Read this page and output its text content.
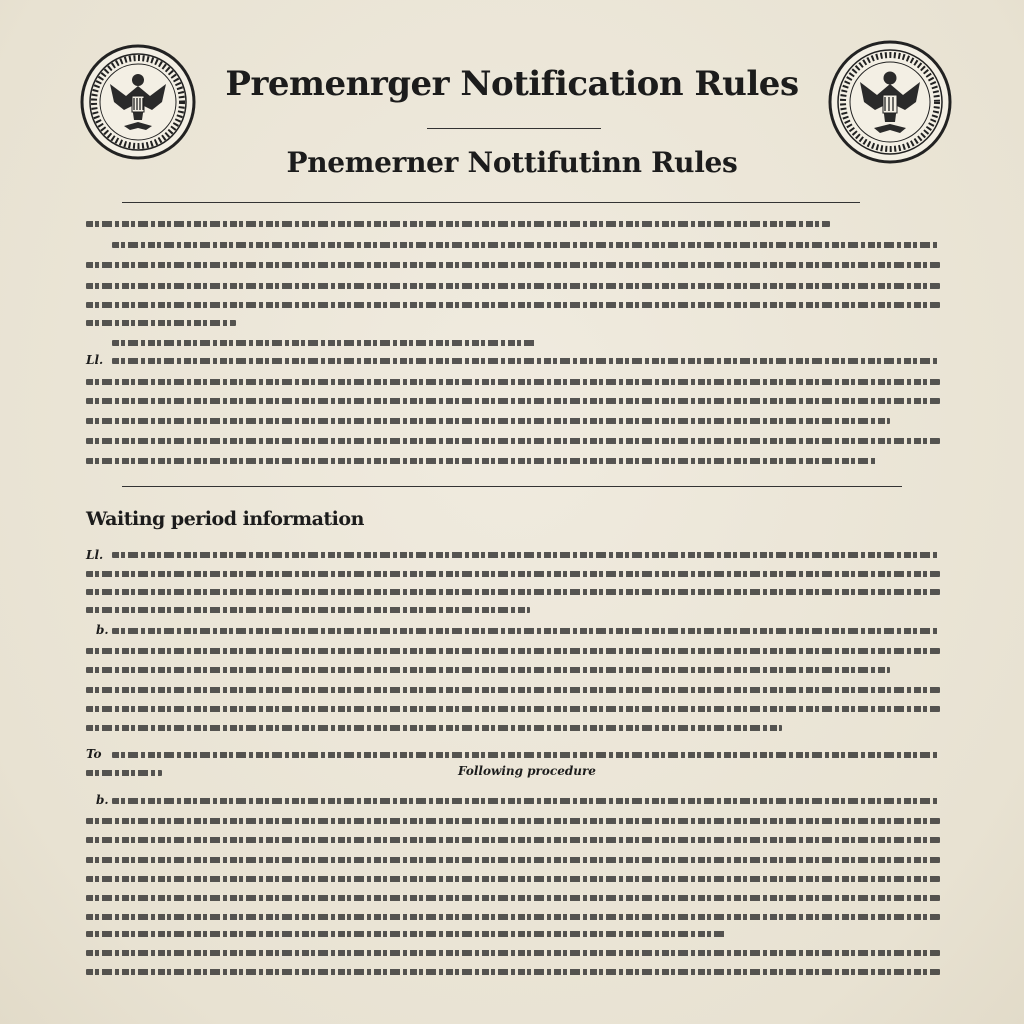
Premenrger Notification Rules
Pnemerner Nottifutinn Rules
Ll.
Waiting period information
Ll.
b.
To
Following procedure
b.
